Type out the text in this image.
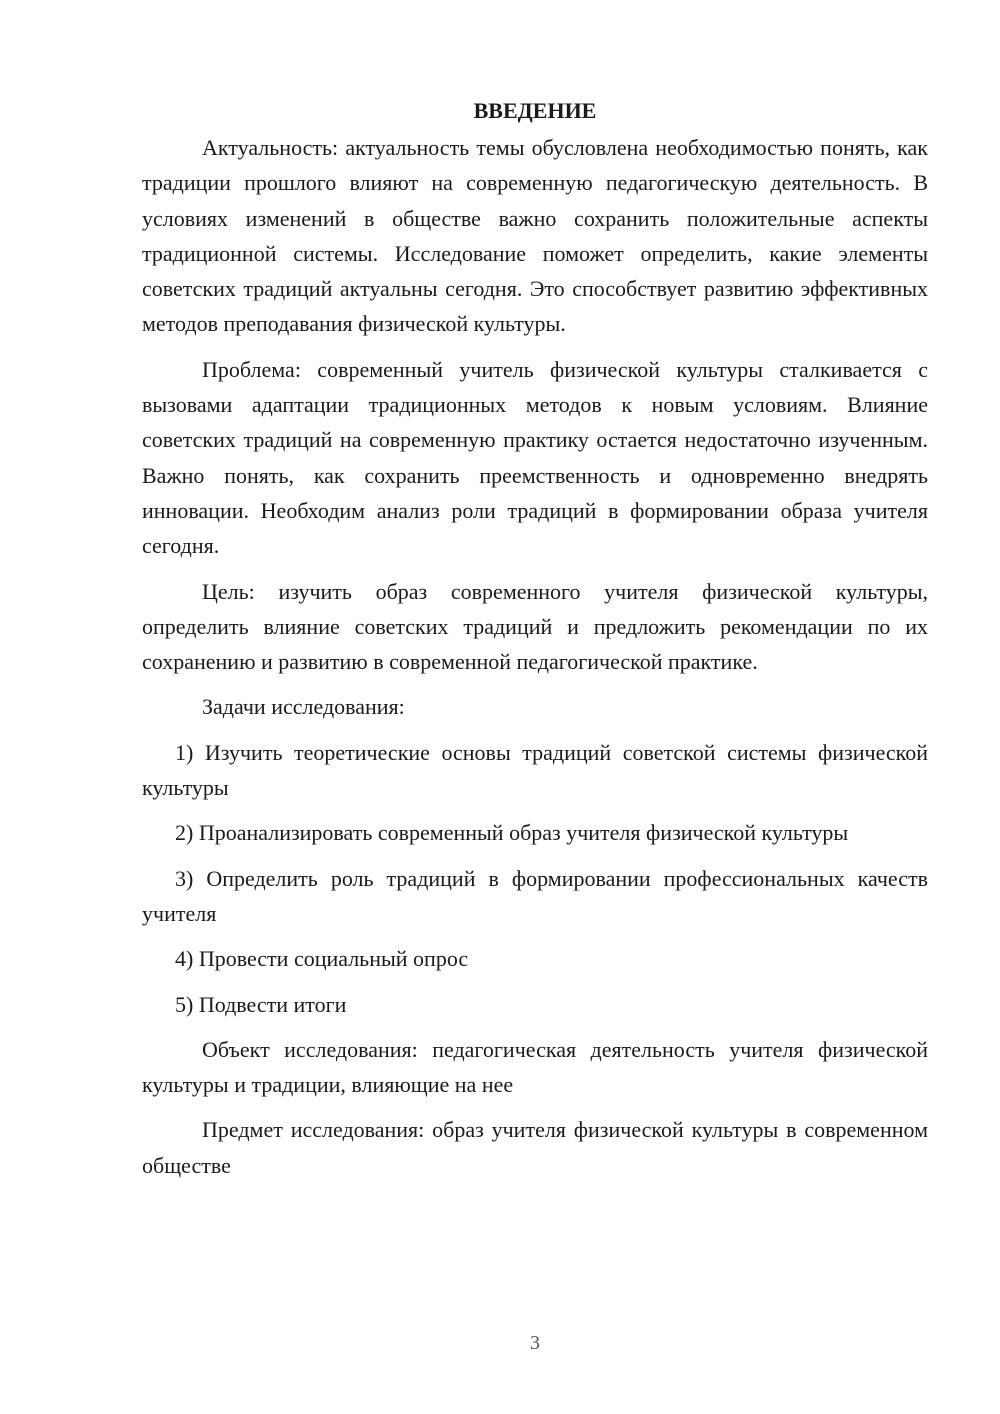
ВВЕДЕНИЕ

Актуальность: актуальность темы обусловлена необходимостью понять, как традиции прошлого влияют на современную педагогическую деятельность. В условиях изменений в обществе важно сохранить положительные аспекты традиционной системы. Исследование поможет определить, какие элементы советских традиций актуальны сегодня. Это способствует развитию эффективных методов преподавания физической культуры.

Проблема: современный учитель физической культуры сталкивается с вызовами адаптации традиционных методов к новым условиям. Влияние советских традиций на современную практику остается недостаточно изученным. Важно понять, как сохранить преемственность и одновременно внедрять инновации. Необходим анализ роли традиций в формировании образа учителя сегодня.

Цель: изучить образ современного учителя физической культуры, определить влияние советских традиций и предложить рекомендации по их сохранению и развитию в современной педагогической практике.

Задачи исследования:

1) Изучить теоретические основы традиций советской системы физической культуры

2) Проанализировать современный образ учителя физической культуры

3) Определить роль традиций в формировании профессиональных качеств учителя

4) Провести социальный опрос

5) Подвести итоги

Объект исследования: педагогическая деятельность учителя физической культуры и традиции, влияющие на нее

Предмет исследования: образ учителя физической культуры в современном обществе

3
